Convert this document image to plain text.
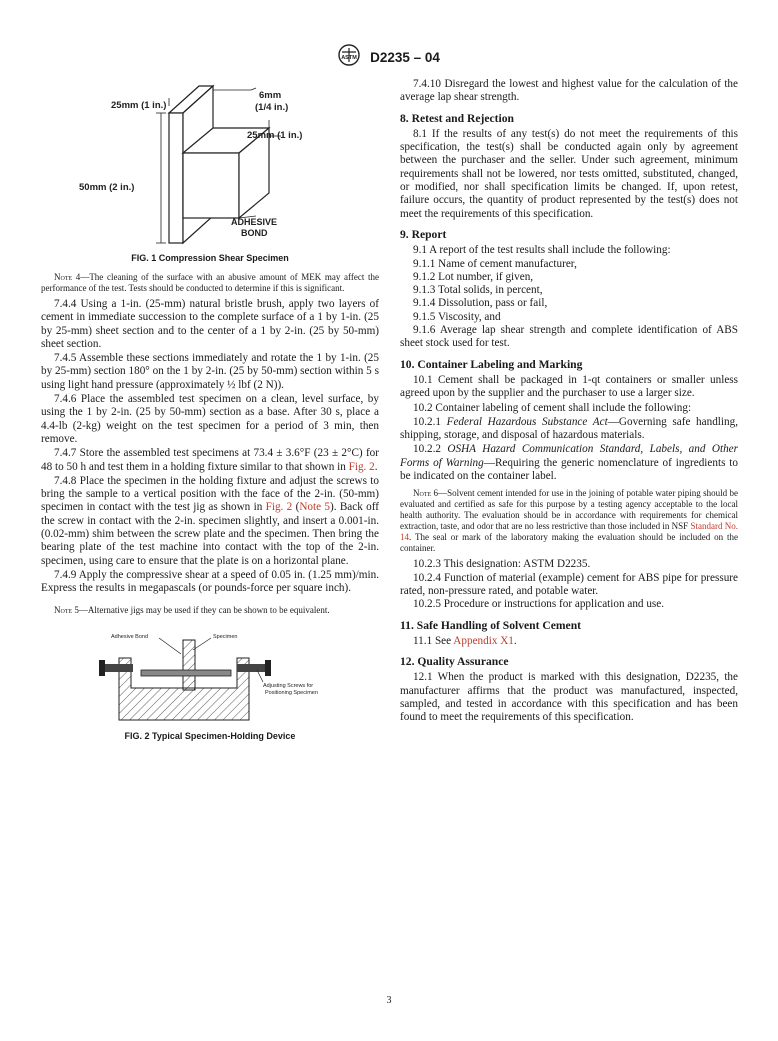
ASTM D2235 – 04
25mm (1 in.)
6mm
(1/4 in.)
25mm (1 in.)
50mm (2 in.)
ADHESIVE
BOND
FIG. 1 Compression Shear Specimen

Note 4—The cleaning of the surface with an abusive amount of MEK may affect the performance of the test. Tests should be conducted to determine if this is significant.

7.4.4 Using a 1-in. (25-mm) natural bristle brush, apply two layers of cement in immediate succession to the complete surface of a 1 by 1-in. (25 by 25-mm) sheet section and to the center of a 1 by 2-in. (25 by 50-mm) sheet section.

7.4.5 Assemble these sections immediately and rotate the 1 by 1-in. (25 by 25-mm) section 180° on the 1 by 2-in. (25 by 50-mm) section within 5 s using light hand pressure (approximately ½ lbf (2 N)).

7.4.6 Place the assembled test specimen on a clean, level surface, by using the 1 by 2-in. (25 by 50-mm) section as a base. After 30 s, place a 4.4-lb (2-kg) weight on the test specimen for a period of 3 min, then remove.

7.4.7 Store the assembled test specimens at 73.4 ± 3.6°F (23 ± 2°C) for 48 to 50 h and test them in a holding fixture similar to that shown in Fig. 2.

7.4.8 Place the specimen in the holding fixture and adjust the screws to bring the sample to a vertical position with the face of the 2-in. (50-mm) specimen in contact with the test jig as shown in Fig. 2 (Note 5). Back off the screw in contact with the 2-in. specimen slightly, and insert a 0.001-in. (0.02-mm) shim between the screw plate and the specimen. Then bring the bearing plate of the test machine into contact with the top of the 2-in. specimen, using care to ensure that the plate is on a horizontal plane.

7.4.9 Apply the compressive shear at a speed of 0.05 in. (1.25 mm)/min. Express the results in megapascals (or pounds-force per square inch).

Note 5—Alternative jigs may be used if they can be shown to be equivalent.

Adhesive Bond	Specimen
Adjusting Screws for
Positioning Specimen
FIG. 2 Typical Specimen-Holding Device

7.4.10 Disregard the lowest and highest value for the calculation of the average lap shear strength.

8. Retest and Rejection

8.1 If the results of any test(s) do not meet the requirements of this specification, the test(s) shall be conducted again only by agreement between the purchaser and the seller. Under such agreement, minimum requirements shall not be lowered, nor tests omitted, substituted, changed, or modified, nor shall specification limits be changed. If, upon retest, failure occurs, the quantity of product represented by the test(s) does not meet the requirements of this specification.

9. Report

9.1 A report of the test results shall include the following:

9.1.1 Name of cement manufacturer,

9.1.2 Lot number, if given,

9.1.3 Total solids, in percent,

9.1.4 Dissolution, pass or fail,

9.1.5 Viscosity, and

9.1.6 Average lap shear strength and complete identification of ABS sheet stock used for test.

10. Container Labeling and Marking

10.1 Cement shall be packaged in 1-qt containers or smaller unless agreed upon by the supplier and the purchaser to use a larger size.

10.2 Container labeling of cement shall include the following:

10.2.1 Federal Hazardous Substance Act—Governing safe handling, shipping, storage, and disposal of hazardous materials.

10.2.2 OSHA Hazard Communication Standard, Labels, and Other Forms of Warning—Requiring the generic nomenclature of ingredients to be indicated on the container label.

Note 6—Solvent cement intended for use in the joining of potable water piping should be evaluated and certified as safe for this purpose by a testing agency acceptable to the local health authority. The evaluation should be in accordance with requirements for chemical extraction, taste, and odor that are no less restrictive than those included in NSF Standard No. 14. The seal or mark of the laboratory making the evaluation should be included on the container.

10.2.3 This designation: ASTM D2235.

10.2.4 Function of material (example) cement for ABS pipe for pressure rated, non-pressure rated, and potable water.

10.2.5 Procedure or instructions for application and use.

11. Safe Handling of Solvent Cement

11.1 See Appendix X1.

12. Quality Assurance

12.1 When the product is marked with this designation, D2235, the manufacturer affirms that the product was manufactured, inspected, sampled, and tested in accordance with this specification and has been found to meet the requirements of this specification.

3
